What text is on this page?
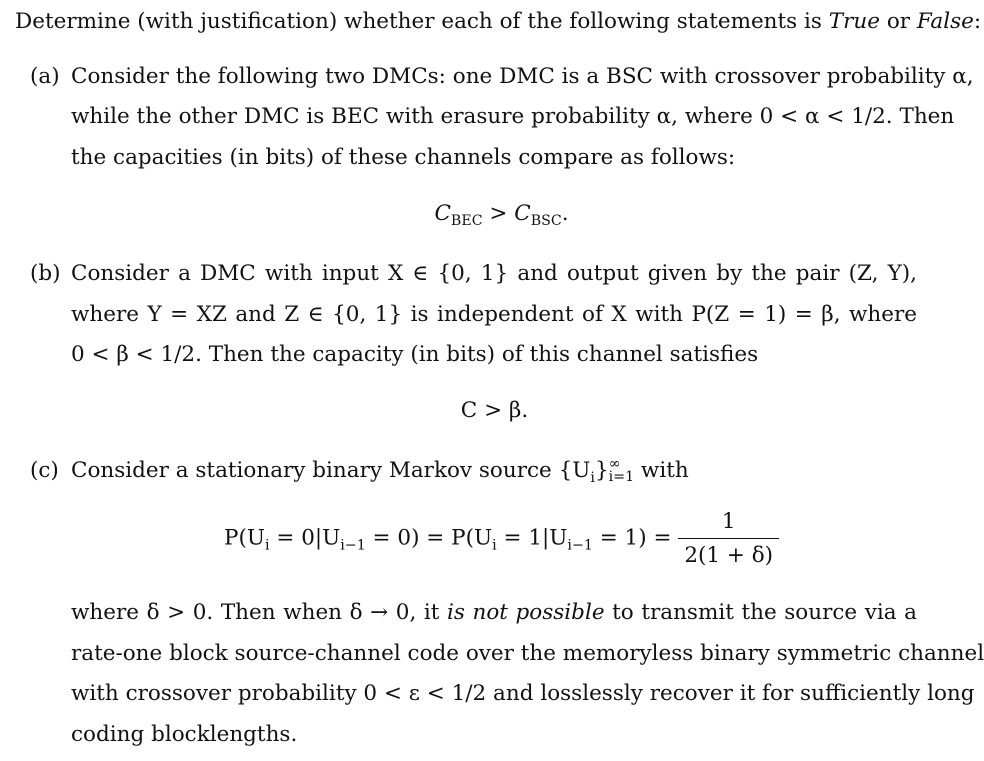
Determine (with justification) whether each of the following statements is True or False:
(a) Consider the following two DMCs: one DMC is a BSC with crossover probability α,
while the other DMC is BEC with erasure probability α, where 0 < α < 1/2. Then
the capacities (in bits) of these channels compare as follows:
$C_{BEC} > C_{BSC}$.
(b) Consider a DMC with input X ∈ {0, 1} and output given by the pair (Z, Y),
where Y = XZ and Z ∈ {0, 1} is independent of X with P(Z = 1) = β, where
0 < β < 1/2. Then the capacity (in bits) of this channel satisfies
C > β.
(c) Consider a stationary binary Markov source $\{U_i\}$ ∞
i=1 with
$P(U_i = 0|U_{i-1} = 0) = P(U_i = 1|U_{i-1} = 1) = \frac{1}{2(1 + \delta)}$
where δ > 0. Then when δ → 0, it is not possible to transmit the source via a
rate-one block source-channel code over the memoryless binary symmetric channel
with crossover probability 0 < ε < 1/2 and losslessly recover it for sufficiently long
coding blocklengths.
